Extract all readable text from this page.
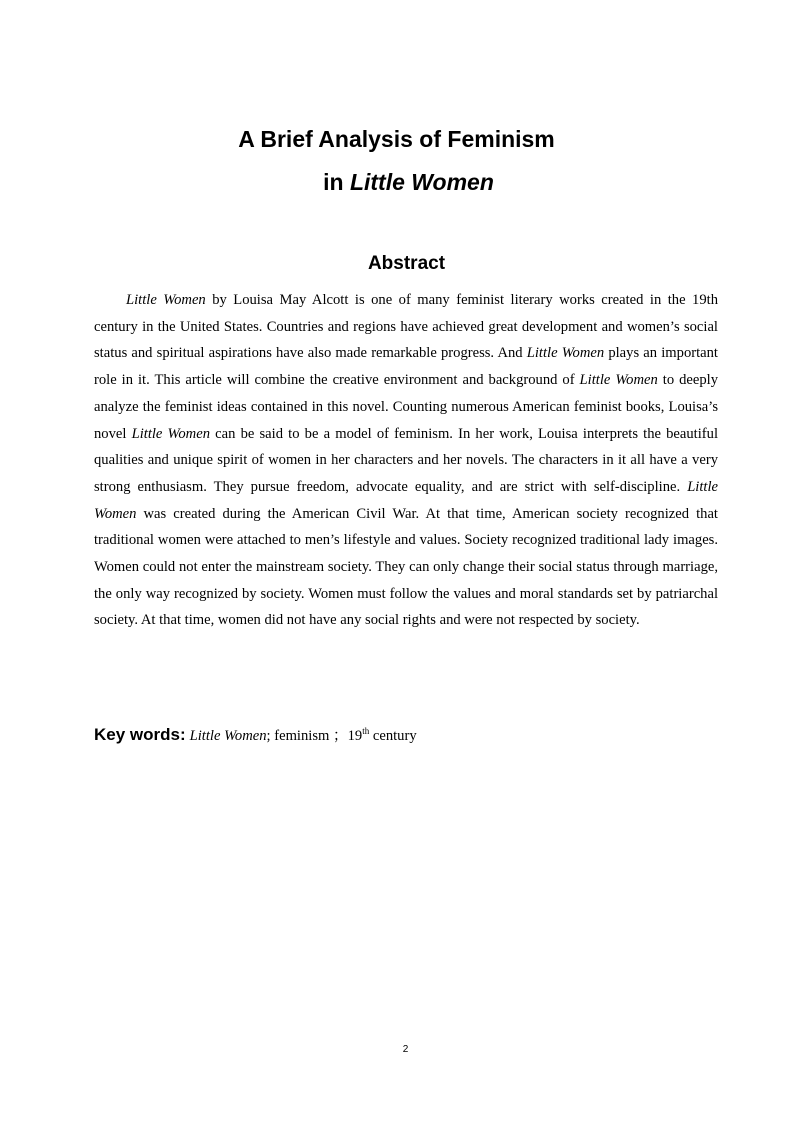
A Brief Analysis of Feminism
in Little Women
Abstract

Little Women by Louisa May Alcott is one of many feminist literary works created in the 19th century in the United States. Countries and regions have achieved great development and women’s social status and spiritual aspirations have also made remarkable progress. And Little Women plays an important role in it. This article will combine the creative environment and background of Little Women to deeply analyze the feminist ideas contained in this novel. Counting numerous American feminist books, Louisa’s novel Little Women can be said to be a model of feminism. In her work, Louisa interprets the beautiful qualities and unique spirit of women in her characters and her novels. The characters in it all have a very strong enthusiasm. They pursue freedom, advocate equality, and are strict with self-discipline. Little Women was created during the American Civil War. At that time, American society recognized that traditional women were attached to men’s lifestyle and values. Society recognized traditional lady images. Women could not enter the mainstream society. They can only change their social status through marriage, the only way recognized by society. Women must follow the values and moral standards set by patriarchal society. At that time, women did not have any social rights and were not respected by society.

Key words: Little Women; feminism ；19th century

2
